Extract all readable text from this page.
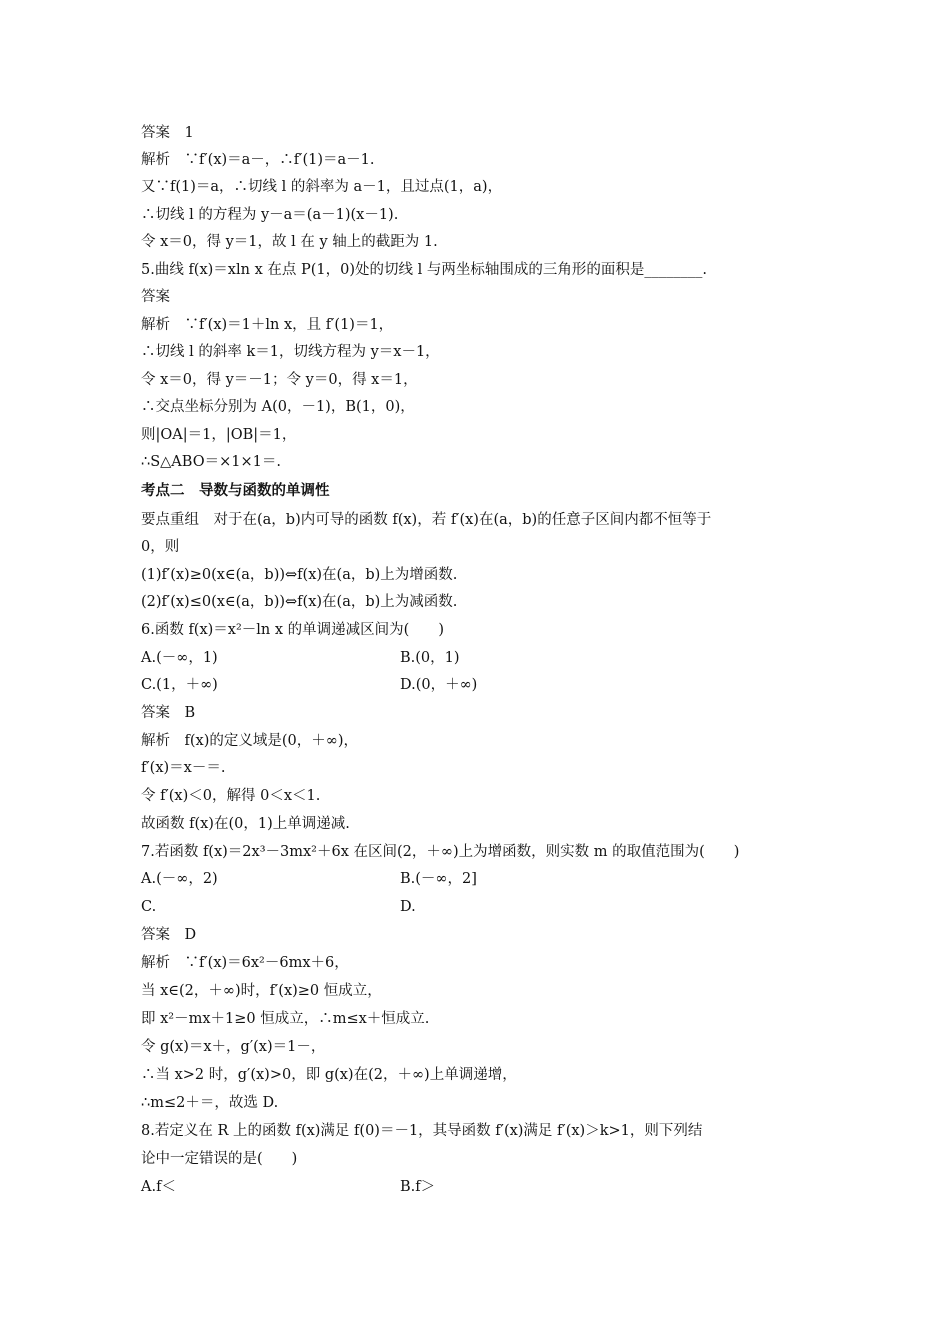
答案　1
解析　∵f′(x)＝a－，∴f′(1)＝a－1.
又∵f(1)＝a，∴切线 l 的斜率为 a－1，且过点(1，a)，
∴切线 l 的方程为 y－a＝(a－1)(x－1).
令 x＝0，得 y＝1，故 l 在 y 轴上的截距为 1.
5.曲线 f(x)＝xln x 在点 P(1，0)处的切线 l 与两坐标轴围成的三角形的面积是________.
答案
解析　∵f′(x)＝1＋ln x，且 f′(1)＝1，
∴切线 l 的斜率 k＝1，切线方程为 y＝x－1，
令 x＝0，得 y＝－1；令 y＝0，得 x＝1，
∴交点坐标分别为 A(0，－1)，B(1，0)，
则|OA|＝1，|OB|＝1，
∴S△ABO＝×1×1＝.
考点二　导数与函数的单调性
要点重组　对于在(a，b)内可导的函数 f(x)，若 f′(x)在(a，b)的任意子区间内都不恒等于
0，则
(1)f′(x)≥0(x∈(a，b))⇔f(x)在(a，b)上为增函数.
(2)f′(x)≤0(x∈(a，b))⇔f(x)在(a，b)上为减函数.
6.函数 f(x)＝x²－ln x 的单调递减区间为(　　)
A.(－∞，1)	B.(0，1)
C.(1，＋∞)	D.(0，＋∞)
答案　B
解析　f(x)的定义域是(0，＋∞)，
f′(x)＝x－＝.
令 f′(x)＜0，解得 0＜x＜1.
故函数 f(x)在(0，1)上单调递减.
7.若函数 f(x)＝2x³－3mx²＋6x 在区间(2，＋∞)上为增函数，则实数 m 的取值范围为(　　)
A.(－∞，2)	B.(－∞，2]
C.	D.
答案　D
解析　∵f′(x)＝6x²－6mx＋6，
当 x∈(2，＋∞)时，f′(x)≥0 恒成立，
即 x²－mx＋1≥0 恒成立，∴m≤x＋恒成立.
令 g(x)＝x＋，g′(x)＝1－，
∴当 x>2 时，g′(x)>0，即 g(x)在(2，＋∞)上单调递增，
∴m≤2＋＝，故选 D.
8.若定义在 R 上的函数 f(x)满足 f(0)＝－1，其导函数 f′(x)满足 f′(x)＞k>1，则下列结
论中一定错误的是(　　)
A.f＜	B.f＞
